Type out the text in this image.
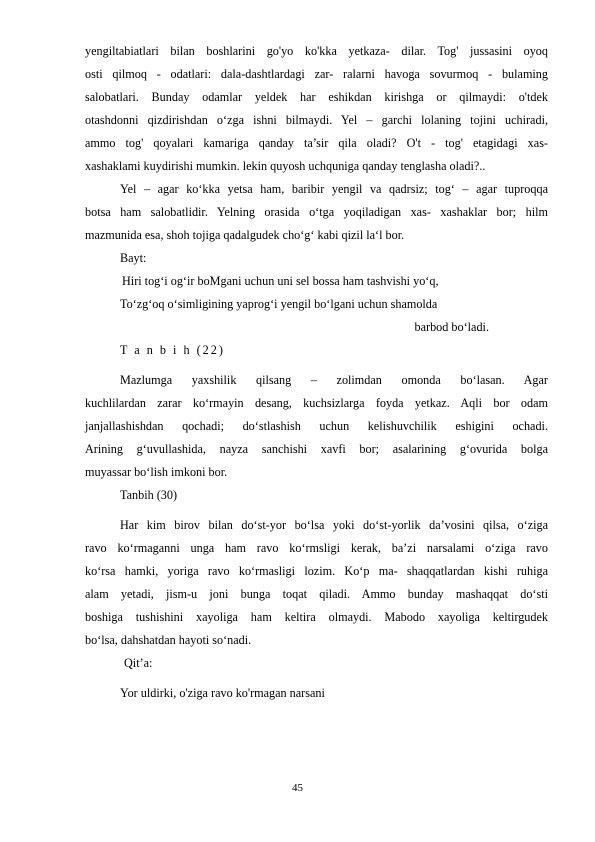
yengiltabiatlari bilan boshlarini go'yo ko'kka yetkaza- dilar. Tog' jussasini oyoq
osti qilmoq - odatlari: dala-dashtlardagi zar- ralarni havoga sovurmoq - bulaming
salobatlari. Bunday odamlar yeldek har eshikdan kirishga or qilmaydi: o'tdek
otashdonni qizdirishdan o‘zga ishni bilmaydi. Yel – garchi lolaning tojini uchiradi,
ammo tog' qoyalari kamariga qanday ta’sir qila oladi? O't - tog' etagidagi xas-
xashaklami kuydirishi mumkin. lekin quyosh uchquniga qanday tenglasha oladi?..
Yel – agar ko‘kka yetsa ham, baribir yengil va qadrsiz; tog‘ – agar tuproqqa
botsa ham salobatlidir. Yelning orasida o‘tga yoqiladigan xas- xashaklar bor; hilm
mazmunida esa, shoh tojiga qadalgudek cho‘g‘ kabi qizil la‘l bor.
Bayt:
Hiri tog‘i og‘ir boMgani uchun uni sel bossa ham tashvishi yo‘q,
To‘zg‘oq o‘simligining yaprog‘i yengil bo‘lgani uchun shamolda
barbod bo‘ladi.
T a n b i h (22)
Mazlumga yaxshilik qilsang – zolimdan omonda bo‘lasan. Agar
kuchlilardan zarar ko‘rmayin desang, kuchsizlarga foyda yetkaz. Aqli bor odam
janjallashishdan qochadi; do‘stlashish uchun kelishuvchilik eshigini ochadi.
Arining g‘uvullashida, nayza sanchishi xavfi bor; asalarining g‘ovurida bolga
muyassar bo‘lish imkoni bor.
Tanbih (30)
Har kim birov bilan do‘st-yor bo‘lsa yoki do‘st-yorlik da’vosini qilsa, o‘ziga
ravo ko‘rmaganni unga ham ravo ko‘rmsligi kerak, ba’zi narsalami o‘ziga ravo
ko‘rsa hamki, yoriga ravo ko‘rmasligi lozim. Ko‘p ma- shaqqatlardan kishi ruhiga
alam yetadi, jism-u joni bunga toqat qiladi. Ammo bunday mashaqqat do‘sti
boshiga tushishini xayoliga ham keltira olmaydi. Mabodo xayoliga keltirgudek
bo‘lsa, dahshatdan hayoti so‘nadi.
Qit’a:
Yor uldirki, o'ziga ravo ko'rmagan narsani
45
